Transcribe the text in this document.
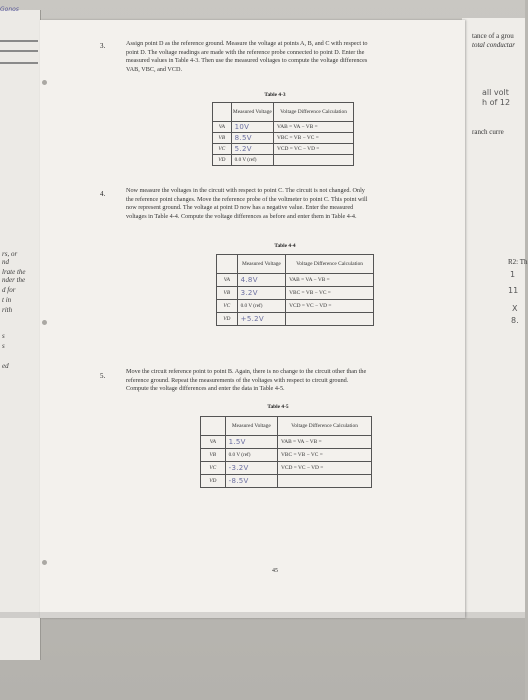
rs, or
nd
lrate the
nder the
d for
t in
rith
s
s
ed
tance of a grou
total conductar
all volt
h of 12
ranch curre
R2: Th
1
11
X
8.
3.	Assign point D as the reference ground. Measure the voltage at points A, B, and C with respect to
point D. The voltage readings are made with the reference probe connected to point D. Enter the
measured values in Table 4-3. Then use the measured voltages to compute the voltage differences
VAB, VBC, and VCD.
Table 4-3
	Measured Voltage	Voltage Difference Calculation
VA	10V	VAB = VA − VB =
VB	8.5V	VBC = VB − VC =
VC	5.2V	VCD = VC − VD =
VD	0.0 V (ref)	
4.	Now measure the voltages in the circuit with respect to point C. The circuit is not changed. Only
the reference point changes. Move the reference probe of the voltmeter to point C. This point will
now represent ground. The voltage at point D now has a negative value. Enter the measured
voltages in Table 4-4. Compute the voltage differences as before and enter them in Table 4-4.
Table 4-4
	Measured Voltage	Voltage Difference Calculation
VA	4.8V	VAB = VA − VB =
VB	3.2V	VBC = VB − VC =
VC	0.0 V (ref)	VCD = VC − VD =
VD	+5.2V	
5.
Move the circuit reference point to point B. Again, there is no change to the circuit other than the
reference ground. Repeat the measurements of the voltages with respect to circuit ground.
Compute the voltage differences and enter the data in Table 4-5.
Table 4-5
	Measured Voltage	Voltage Difference Calculation
VA	1.5V	VAB = VA − VB =
VB	0.0 V (ref)	VBC = VB − VC =
VC	-3.2V	VCD = VC − VD =
VD	-8.5V	
45
Gonos
